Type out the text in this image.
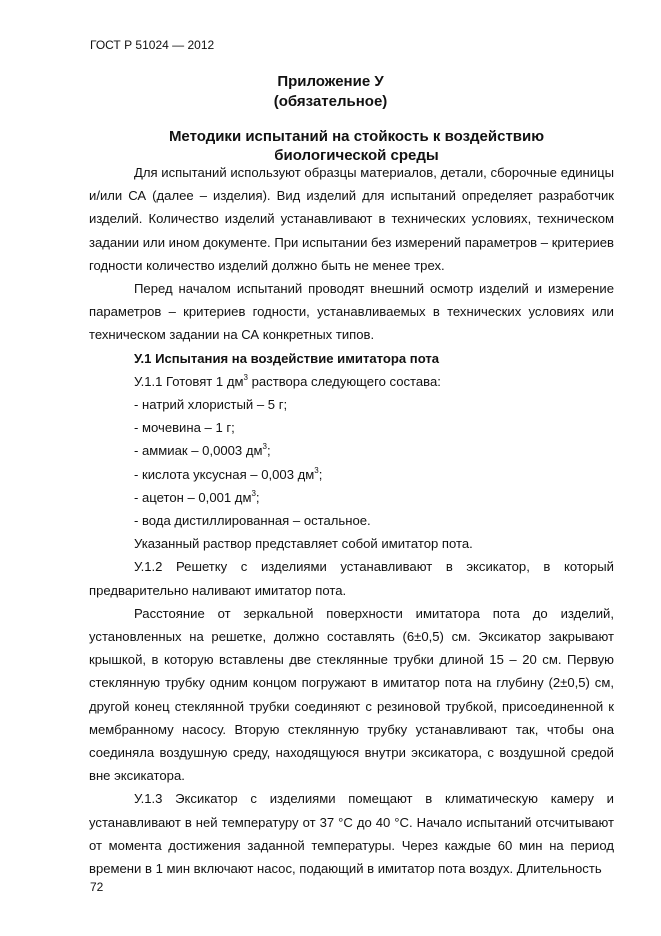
ГОСТ Р 51024 — 2012
Приложение У
(обязательное)
Методики испытаний на стойкость к воздействию
биологической среды

Для испытаний используют образцы материалов, детали, сборочные единицы и/или СА (далее – изделия). Вид изделий для испытаний определяет разработчик изделий. Количество изделий устанавливают в технических условиях, техническом задании или ином документе. При испытании без измерений параметров – критериев годности количество изделий должно быть не менее трех.

Перед началом испытаний проводят внешний осмотр изделий и измерение параметров – критериев годности, устанавливаемых в технических условиях или техническом задании на СА конкретных типов.

У.1 Испытания на воздействие имитатора пота

У.1.1 Готовят 1 $дм^3$ раствора следующего состава:

- натрий хлористый – 5 г;

- мочевина – 1 г;

- аммиак – 0,0003 $дм^3$;

- кислота уксусная – 0,003 $дм^3$;

- ацетон – 0,001 $дм^3$;

- вода дистиллированная – остальное.

Указанный раствор представляет собой имитатор пота.

У.1.2 Решетку с изделиями устанавливают в эксикатор, в который предварительно наливают имитатор пота.

Расстояние от зеркальной поверхности имитатора пота до изделий, установленных на решетке, должно составлять (6±0,5) см. Эксикатор закрывают крышкой, в которую вставлены две стеклянные трубки длиной 15 – 20 см. Первую стеклянную трубку одним концом погружают в имитатор пота на глубину (2±0,5) см, другой конец стеклянной трубки соединяют с резиновой трубкой, присоединенной к мембранному насосу. Вторую стеклянную трубку устанавливают так, чтобы она соединяла воздушную среду, находящуюся внутри эксикатора, с воздушной средой вне эксикатора.

У.1.3 Эксикатор с изделиями помещают в климатическую камеру и устанавливают в ней температуру от 37 °С до 40 °С. Начало испытаний отсчитывают от момента достижения заданной температуры. Через каждые 60 мин на период времени в 1 мин включают насос, подающий в имитатор пота воздух. Длительность

72
